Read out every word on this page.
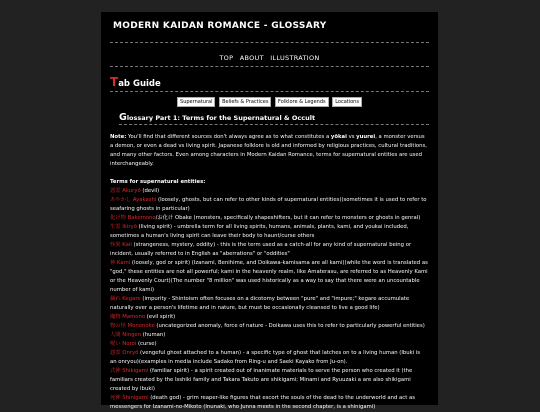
MODERN KAIDAN ROMANCE - GLOSSARY
TOP ABOUT ILLUSTRATION
Tab Guide
Supernatural Beliefs & Practices Folklore & Legends Locations
Glossary Part 1: Terms for the Supernatural & Occult

Note: You'll find that different sources don't always agree as to what constitutes a yōkai vs yuurei, a monster versus a demon, or even a dead vs living spirit. Japanese folklore is old and informed by religious practices, cultural traditions, and many other factors. Even among characters in Modern Kaidan Romance, terms for supernatural entities are used interchangeably.

Terms for supernatural entities:

悪霊 Akuryō (devil)

あやかし Ayakashi (loosely, ghosts, but can refer to other kinds of supernatural entities)(sometimes it is used to refer to seafaring ghosts in particular)

化け物 Bakemono/お化け Obake (monsters, specifically shapeshifters, but it can refer to monsters or ghosts in genral)

生霊 Ikiryō (living spirit) - umbrella term for all living spirits, humans, animals, plants, kami, and youkai included, sometimes a human's living spirit can leave their body to haunt/curse others

怪異 Kaii (strangeness, mystery, oddity) - this is the term used as a catch-all for any kind of supernatural being or incident, usually referred to in English as "aberrations" or "oddities"

神 Kami (loosely, god or spirit) (Izanami, Benihime, and Doikawa-kamisama are all kami)(while the word is translated as "god," these entities are not all powerful; kami in the heavenly realm, like Amaterasu, are referred to as Heavenly Kami or the Heavenly Court)(The number "8 million" was used historically as a way to say that there were an uncountable number of kami)

穢れ Kegare (impurity - Shintoism often focuses on a dicotomy between "pure" and "impure;" kegare accumulate naturally over a person's lifetime and in nature, but must be occasionally cleansed to live a good life)

魔物 Mamono (evil spirit)

物の怪 Mononoke (uncategorized anomaly, force of nature - Doikawa uses this to refer to particularly powerful entities)

人間 Ningen (human)

呪い Noroi (curse)

怨霊 Onryō (vengeful ghost attached to a human) - a specific type of ghost that latches on to a living human (Ibuki is an onryou)(examples in media include Sadako from Ring-u and Saeki Kayako from Ju-on).

式神 Shikigami (familiar spirit) - a spirit created out of inanimate materials to serve the person who created it (the familiars created by the Isshiki family and Takara Takuto are shikigami; Minami and Ryuuzaki a are also shikigami created by Ibuki)

死神 Shinigami (death god) - grim reaper-like figures that escort the souls of the dead to the underworld and act as messengers for Izanami-no-Mikoto (Inunaki, who Junna meets in the second chapter, is a shinigami)
